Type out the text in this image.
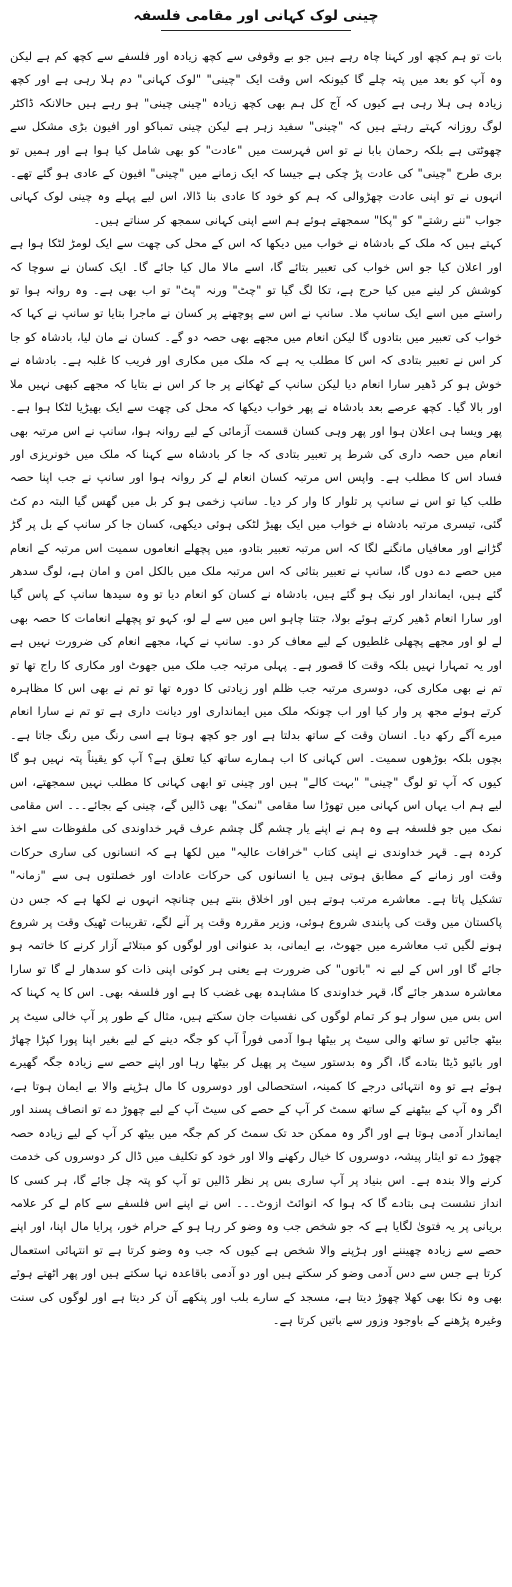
چینی لوک کہانی اور مقامی فلسفہ

بات تو ہم کچھ اور کہنا چاہ رہے ہیں جو بے وقوفی سے کچھ زیادہ اور فلسفے سے کچھ کم ہے لیکن وہ آپ کو بعد میں پتہ چلے گا کیونکہ اس وقت ایک "چینی" "لوک کہانی" دم ہلا رہی ہے اور کچھ زیادہ ہی ہلا رہی ہے کیوں کہ آج کل ہم بھی کچھ زیادہ "چینی چینی" ہو رہے ہیں حالانکہ ڈاکٹر لوگ روزانہ کہتے رہتے ہیں کہ "چینی" سفید زہر ہے لیکن چینی تمباکو اور افیون بڑی مشکل سے چھوٹتی ہے بلکہ رحمان بابا نے تو اس فہرست میں "عادت" کو بھی شامل کیا ہوا ہے اور ہمیں تو بری طرح "چینی" کی عادت پڑ چکی ہے جیسا کہ ایک زمانے میں "چینی" افیون کے عادی ہو گئے تھے۔ انہوں نے تو اپنی عادت چھڑوالی کہ ہم کو خود کا عادی بنا ڈالا، اس لیے پہلے وہ چینی لوک کہانی جواب "ننے رشتے" کو "پکا" سمجھتے ہوئے ہم اسے اپنی کہانی سمجھ کر سناتے ہیں۔

کہتے ہیں کہ ملک کے بادشاہ نے خواب میں دیکھا کہ اس کے محل کی چھت سے ایک لومڑ لٹکا ہوا ہے اور اعلان کیا جو اس خواب کی تعبیر بتائے گا، اسے مالا مال کیا جائے گا۔ ایک کسان نے سوچا کہ کوشش کر لینے میں کیا حرج ہے، تکا لگ گیا تو "چٹ" ورنہ "پٹ" تو اب بھی ہے۔ وہ روانہ ہوا تو راستے میں اسے ایک سانپ ملا۔ سانپ نے اس سے پوچھنے پر کسان نے ماجرا بتایا تو سانپ نے کہا کہ خواب کی تعبیر میں بتادوں گا لیکن انعام میں مجھے بھی حصہ دو گے۔ کسان نے مان لیا، بادشاہ کو جا کر اس نے تعبیر بتادی کہ اس کا مطلب یہ ہے کہ ملک میں مکاری اور فریب کا غلبہ ہے۔ بادشاہ نے خوش ہو کر ڈھیر سارا انعام دیا لیکن سانپ کے ٹھکانے پر جا کر اس نے بتایا کہ مجھے کبھی نہیں ملا اور بالا گیا۔ کچھ عرصے بعد بادشاہ نے پھر خواب دیکھا کہ محل کی چھت سے ایک بھیڑیا لٹکا ہوا ہے۔ پھر ویسا ہی اعلان ہوا اور پھر وہی کسان قسمت آزمائی کے لیے روانہ ہوا، سانپ نے اس مرتبہ بھی انعام میں حصہ داری کی شرط پر تعبیر بتادی کہ جا کر بادشاہ سے کہنا کہ ملک میں خونریزی اور فساد اس کا مطلب ہے۔ واپس اس مرتبہ کسان انعام لے کر روانہ ہوا اور سانپ نے جب اپنا حصہ طلب کیا تو اس نے سانپ پر تلوار کا وار کر دیا۔ سانپ زخمی ہو کر بل میں گھس گیا البتہ دم کٹ گئی، تیسری مرتبہ بادشاہ نے خواب میں ایک بھیڑ لٹکی ہوئی دیکھی، کسان جا کر سانپ کے بل پر گڑ گڑانے اور معافیاں مانگنے لگا کہ اس مرتبہ تعبیر بتادو، میں پچھلے انعاموں سمیت اس مرتبہ کے انعام میں حصے دے دوں گا، سانپ نے تعبیر بتائی کہ اس مرتبہ ملک میں بالکل امن و امان ہے، لوگ سدھر گئے ہیں، ایماندار اور نیک ہو گئے ہیں، بادشاہ نے کسان کو انعام دیا تو وہ سیدھا سانپ کے پاس گیا اور سارا انعام ڈھیر کرتے ہوئے بولا، جتنا چاہو اس میں سے لے لو، کہو تو پچھلے انعامات کا حصہ بھی لے لو اور مجھے پچھلی غلطیوں کے لیے معاف کر دو۔ سانپ نے کہا، مجھے انعام کی ضرورت نہیں ہے اور یہ تمہارا نہیں بلکہ وقت کا قصور ہے۔ پہلی مرتبہ جب ملک میں جھوٹ اور مکاری کا راج تھا تو تم نے بھی مکاری کی، دوسری مرتبہ جب ظلم اور زیادتی کا دورہ تھا تو تم نے بھی اس کا مظاہرہ کرتے ہوئے مجھ پر وار کیا اور اب چونکہ ملک میں ایمانداری اور دیانت داری ہے تو تم نے سارا انعام میرے آگے رکھ دیا۔ انسان وقت کے ساتھ بدلتا ہے اور جو کچھ ہوتا ہے اسی رنگ میں رنگ جاتا ہے۔ بچوں بلکہ بوڑھوں سمیت۔ اس کہانی کا اب ہمارے ساتھ کیا تعلق ہے؟ آپ کو یقیناً پتہ نہیں ہو گا کیوں کہ آپ تو لوگ "چینی" "بہت کالے" ہیں اور چینی تو ابھی کہانی کا مطلب نہیں سمجھتے، اس لیے ہم اب یہاں اس کہانی میں تھوڑا سا مقامی "نمک" بھی ڈالیں گے، چینی کے بجائے۔۔۔ اس مقامی نمک میں جو فلسفہ ہے وہ ہم نے اپنے یار چشم گل چشم عرف قہر خداوندی کی ملفوظات سے اخذ کردہ ہے۔ قہر خداوندی نے اپنی کتاب "خرافات عالیہ" میں لکھا ہے کہ انسانوں کی ساری حرکات وقت اور زمانے کے مطابق ہوتی ہیں یا انسانوں کی حرکات عادات اور خصلتوں ہی سے "زمانہ" تشکیل پاتا ہے۔ معاشرے مرتب ہوتے ہیں اور اخلاق بنتے ہیں چنانچہ انہوں نے لکھا ہے کہ جس دن پاکستان میں وقت کی پابندی شروع ہوئی، وزیر مقررہ وقت پر آنے لگے، تقریبات ٹھیک وقت پر شروع ہونے لگیں تب معاشرے میں جھوٹ، بے ایمانی، بد عنوانی اور لوگوں کو مبتلائے آزار کرنے کا خاتمہ ہو جائے گا اور اس کے لیے نہ "باتوں" کی ضرورت ہے یعنی ہر کوئی اپنی ذات کو سدھار لے گا تو سارا معاشرہ سدھر جائے گا، قہر خداوندی کا مشاہدہ بھی غضب کا ہے اور فلسفہ بھی۔ اس کا یہ کہنا کہ اس بس میں سوار ہو کر تمام لوگوں کی نفسیات جان سکتے ہیں، مثال کے طور پر آپ خالی سیٹ پر بیٹھ جائیں تو ساتھ والی سیٹ پر بیٹھا ہوا آدمی فوراً آپ کو جگہ دینے کے لیے بغیر اپنا پورا کپڑا چھاڑ اور بائیو ڈیٹا بتادے گا، اگر وہ بدستور سیٹ پر پھیل کر بیٹھا رہا اور اپنے حصے سے زیادہ جگہ گھیرے ہوئے ہے تو وہ انتہائی درجے کا کمینہ، استحصالی اور دوسروں کا مال ہڑپنے والا بے ایمان ہوتا ہے، اگر وہ آپ کے بیٹھنے کے ساتھ سمٹ کر آپ کے حصے کی سیٹ آپ کے لیے چھوڑ دے تو انصاف پسند اور ایماندار آدمی ہوتا ہے اور اگر وہ ممکن حد تک سمٹ کر کم جگہ میں بیٹھ کر آپ کے لیے زیادہ حصہ چھوڑ دے تو ایثار پیشہ، دوسروں کا خیال رکھنے والا اور خود کو تکلیف میں ڈال کر دوسروں کی خدمت کرنے والا بندہ ہے۔ اس بنیاد پر آپ ساری بس پر نظر ڈالیں تو آپ کو پتہ چل جائے گا، ہر کسی کا انداز نشست ہی بتادے گا کہ ہوا کہ انوائٹ ازوٹ۔۔۔ اس نے اپنے اس فلسفے سے کام لے کر علامہ بریانی پر یہ فتویٰ لگایا ہے کہ جو شخص جب وہ وضو کر رہا ہو کے حرام خور، پرایا مال اپنا، اور اپنے حصے سے زیادہ چھیننے اور ہڑپنے والا شخص ہے کیوں کہ جب وہ وضو کرتا ہے تو انتہائی استعمال کرتا ہے جس سے دس آدمی وضو کر سکتے ہیں اور دو آدمی باقاعدہ نہا سکتے ہیں اور پھر اٹھتے ہوئے بھی وہ نکا بھی کھلا چھوڑ دیتا ہے، مسجد کے سارے بلب اور پنکھے آن کر دیتا ہے اور لوگوں کی سنت وغیرہ پڑھنے کے باوجود وزور سے باتیں کرتا ہے۔
